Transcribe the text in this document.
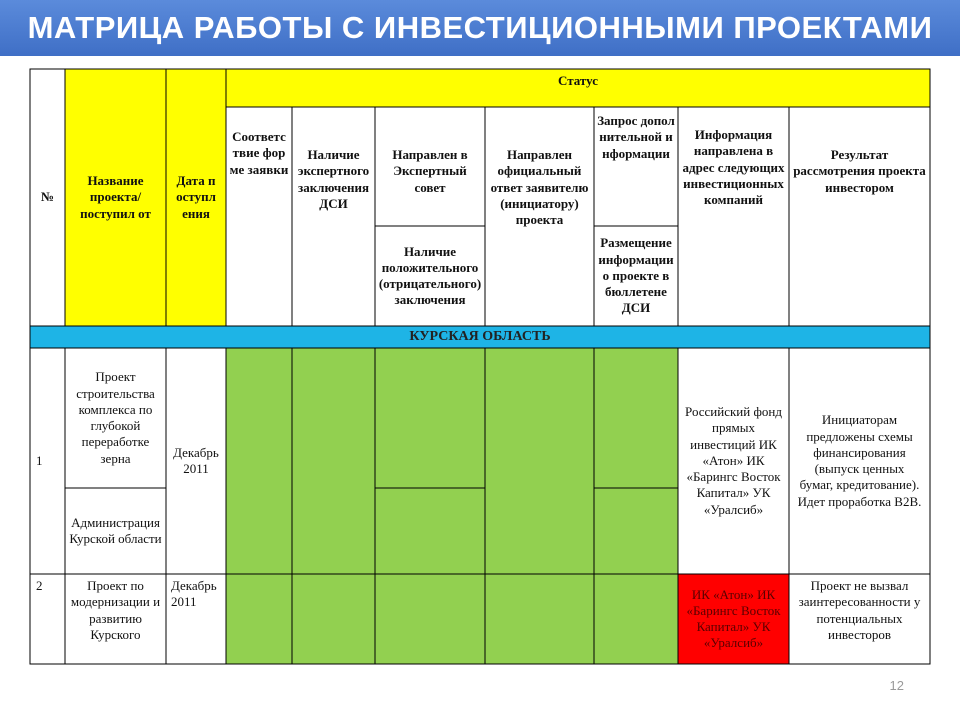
МАТРИЦА РАБОТЫ С ИНВЕСТИЦИОННЫМИ ПРОЕКТАМИ
№
Название проекта/ поступил от
Дата поступления
Статус
Соответствие форме заявки
Наличие экспертного заключения ДСИ
Направлен в Экспертный совет
Наличие положительного (отрицательного) заключения
Направлен официальный ответ заявителю (инициатору) проекта
Запрос дополнительной информации
Размещение информации о проекте в бюллетене ДСИ
Информация направлена в адрес следующих инвестиционных компаний
Результат рассмотрения проекта инвестором
КУРСКАЯ ОБЛАСТЬ
1
Проект строительства комплекса по глубокой переработке зерна
Администрация Курской области
Декабрь 2011
Российский фонд прямых инвестиций ИК «Атон» ИК «Барингс Восток Капитал» УК «Уралсиб»
Инициаторам предложены схемы финансирования (выпуск ценных бумаг, кредитование). Идет проработка B2B.
2	Проект по модернизации и развитию Курского
Декабрь 2011
ИК «Атон» ИК «Барингс Восток Капитал» УК «Уралсиб»
Проект не вызвал заинтересованности у потенциальных инвесторов
12
